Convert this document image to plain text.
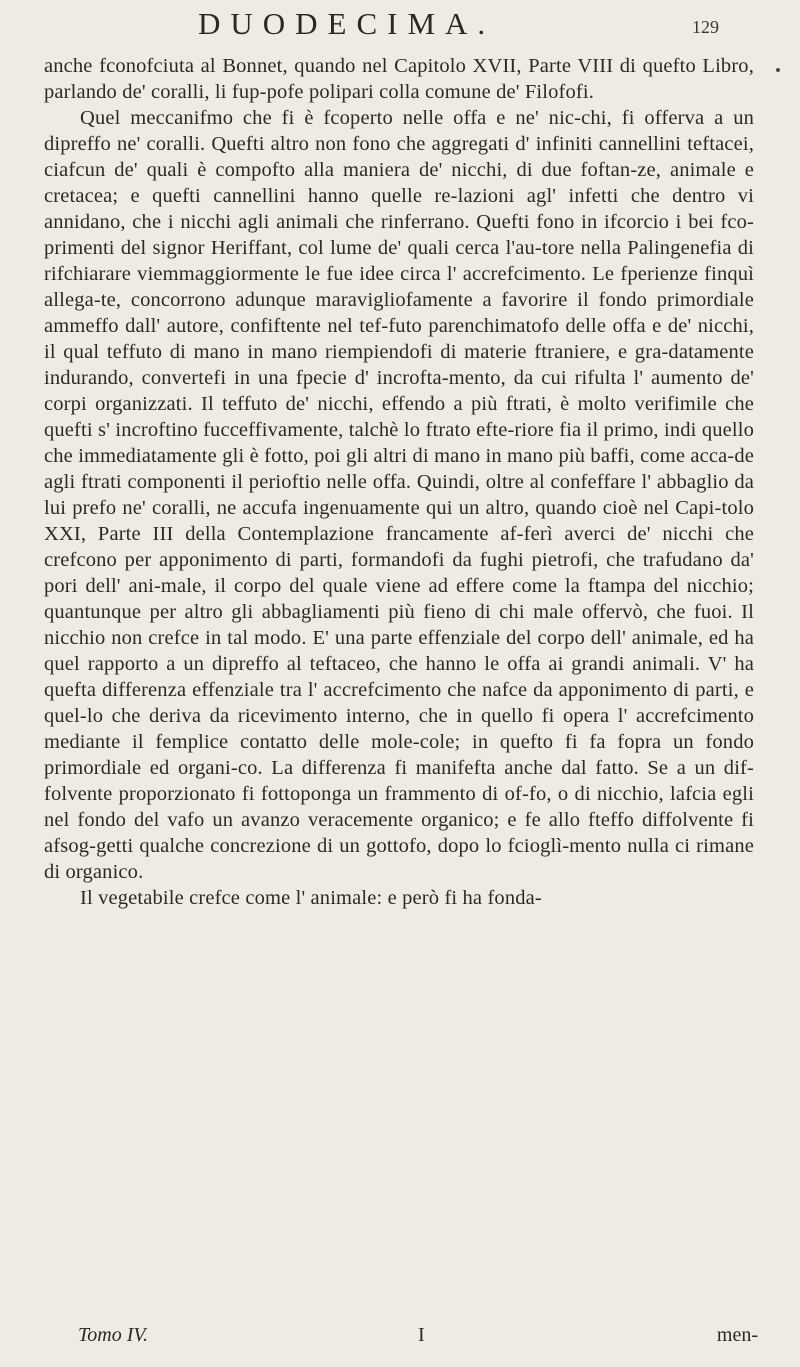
DUODECIMA.	129

anche fconofciuta al Bonnet, quando nel Capitolo XVII, Parte VIII di quefto Libro, parlando de' coralli, li fup-pofe polipari colla comune de' Filofofi.

Quel meccanifmo che fi è fcoperto nelle offa e ne' nic-chi, fi offerva a un dipreffo ne' coralli. Quefti altro non fono che aggregati d' infiniti cannellini teftacei, ciafcun de' quali è compofto alla maniera de' nicchi, di due foftan-ze, animale e cretacea; e quefti cannellini hanno quelle re-lazioni agl' infetti che dentro vi annidano, che i nicchi agli animali che rinferrano. Quefti fono in ifcorcio i bei fco-primenti del signor Heriffant, col lume de' quali cerca l'au-tore nella Palingenefia di rifchiarare viemmaggiormente le fue idee circa l' accrefcimento. Le fperienze finquì allega-te, concorrono adunque maravigliofamente a favorire il fondo primordiale ammeffo dall' autore, confiftente nel tef-futo parenchimatofo delle offa e de' nicchi, il qual teffuto di mano in mano riempiendofi di materie ftraniere, e gra-datamente indurando, convertefi in una fpecie d' incrofta-mento, da cui rifulta l' aumento de' corpi organizzati. Il teffuto de' nicchi, effendo a più ftrati, è molto verifimile che quefti s' incroftino fucceffivamente, talchè lo ftrato efte-riore fia il primo, indi quello che immediatamente gli è fotto, poi gli altri di mano in mano più baffi, come acca-de agli ftrati componenti il perioftio nelle offa. Quindi, oltre al confeffare l' abbaglio da lui prefo ne' coralli, ne accufa ingenuamente qui un altro, quando cioè nel Capi-tolo XXI, Parte III della Contemplazione francamente af-ferì averci de' nicchi che crefcono per apponimento di parti, formandofi da fughi pietrofi, che trafudano da' pori dell' ani-male, il corpo del quale viene ad effere come la ftampa del nicchio; quantunque per altro gli abbagliamenti più fieno di chi male offervò, che fuoi. Il nicchio non crefce in tal modo. E' una parte effenziale del corpo dell' animale, ed ha quel rapporto a un dipreffo al teftaceo, che hanno le offa ai grandi animali. V' ha quefta differenza effenziale tra l' accrefcimento che nafce da apponimento di parti, e quel-lo che deriva da ricevimento interno, che in quello fi opera l' accrefcimento mediante il femplice contatto delle mole-cole; in quefto fi fa fopra un fondo primordiale ed organi-co. La differenza fi manifefta anche dal fatto. Se a un dif-folvente proporzionato fi fottoponga un frammento di of-fo, o di nicchio, lafcia egli nel fondo del vafo un avanzo veracemente organico; e fe allo fteffo diffolvente fi afsog-getti qualche concrezione di un gottofo, dopo lo fcioglì-mento nulla ci rimane di organico.

Il vegetabile crefce come l' animale: e però fi ha fonda-

Tomo IV.	I	men-
